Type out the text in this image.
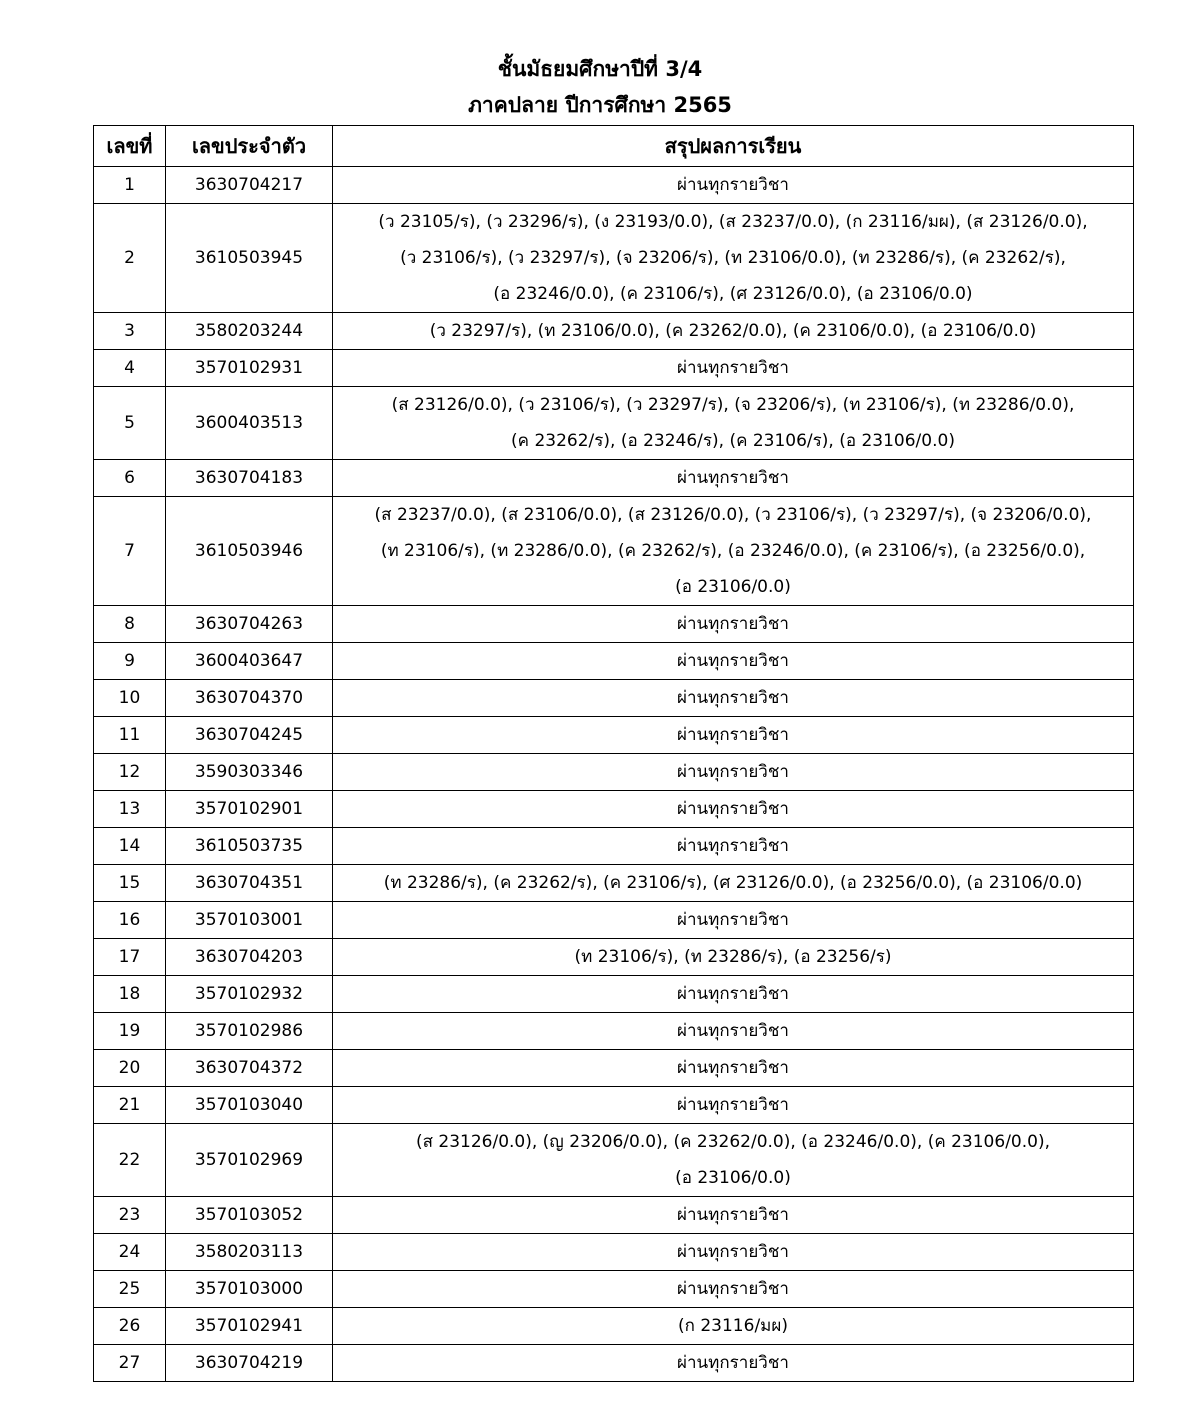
ชั้นมัธยมศึกษาปีที่ 3/4
ภาคปลาย ปีการศึกษา 2565
เลขที่	เลขประจำตัว	สรุปผลการเรียน
1	3630704217	ผ่านทุกรายวิชา

2	3610503945	(ว 23105/ร), (ว 23296/ร), (ง 23193/0.0), (ส 23237/0.0), (ก 23116/มผ), (ส 23126/0.0),
(ว 23106/ร), (ว 23297/ร), (จ 23206/ร), (ท 23106/0.0), (ท 23286/ร), (ค 23262/ร),
(อ 23246/0.0), (ค 23106/ร), (ศ 23126/0.0), (อ 23106/0.0)

3	3580203244	(ว 23297/ร), (ท 23106/0.0), (ค 23262/0.0), (ค 23106/0.0), (อ 23106/0.0)

4	3570102931	ผ่านทุกรายวิชา

5	3600403513	(ส 23126/0.0), (ว 23106/ร), (ว 23297/ร), (จ 23206/ร), (ท 23106/ร), (ท 23286/0.0),
(ค 23262/ร), (อ 23246/ร), (ค 23106/ร), (อ 23106/0.0)

6	3630704183	ผ่านทุกรายวิชา

7	3610503946	(ส 23237/0.0), (ส 23106/0.0), (ส 23126/0.0), (ว 23106/ร), (ว 23297/ร), (จ 23206/0.0),
(ท 23106/ร), (ท 23286/0.0), (ค 23262/ร), (อ 23246/0.0), (ค 23106/ร), (อ 23256/0.0),
(อ 23106/0.0)

8	3630704263	ผ่านทุกรายวิชา

9	3600403647	ผ่านทุกรายวิชา

10	3630704370	ผ่านทุกรายวิชา

11	3630704245	ผ่านทุกรายวิชา

12	3590303346	ผ่านทุกรายวิชา

13	3570102901	ผ่านทุกรายวิชา

14	3610503735	ผ่านทุกรายวิชา

15	3630704351	(ท 23286/ร), (ค 23262/ร), (ค 23106/ร), (ศ 23126/0.0), (อ 23256/0.0), (อ 23106/0.0)

16	3570103001	ผ่านทุกรายวิชา

17	3630704203	(ท 23106/ร), (ท 23286/ร), (อ 23256/ร)

18	3570102932	ผ่านทุกรายวิชา

19	3570102986	ผ่านทุกรายวิชา

20	3630704372	ผ่านทุกรายวิชา

21	3570103040	ผ่านทุกรายวิชา

22	3570102969	(ส 23126/0.0), (ญ 23206/0.0), (ค 23262/0.0), (อ 23246/0.0), (ค 23106/0.0),
(อ 23106/0.0)

23	3570103052	ผ่านทุกรายวิชา

24	3580203113	ผ่านทุกรายวิชา

25	3570103000	ผ่านทุกรายวิชา

26	3570102941	(ก 23116/มผ)

27	3630704219	ผ่านทุกรายวิชา
